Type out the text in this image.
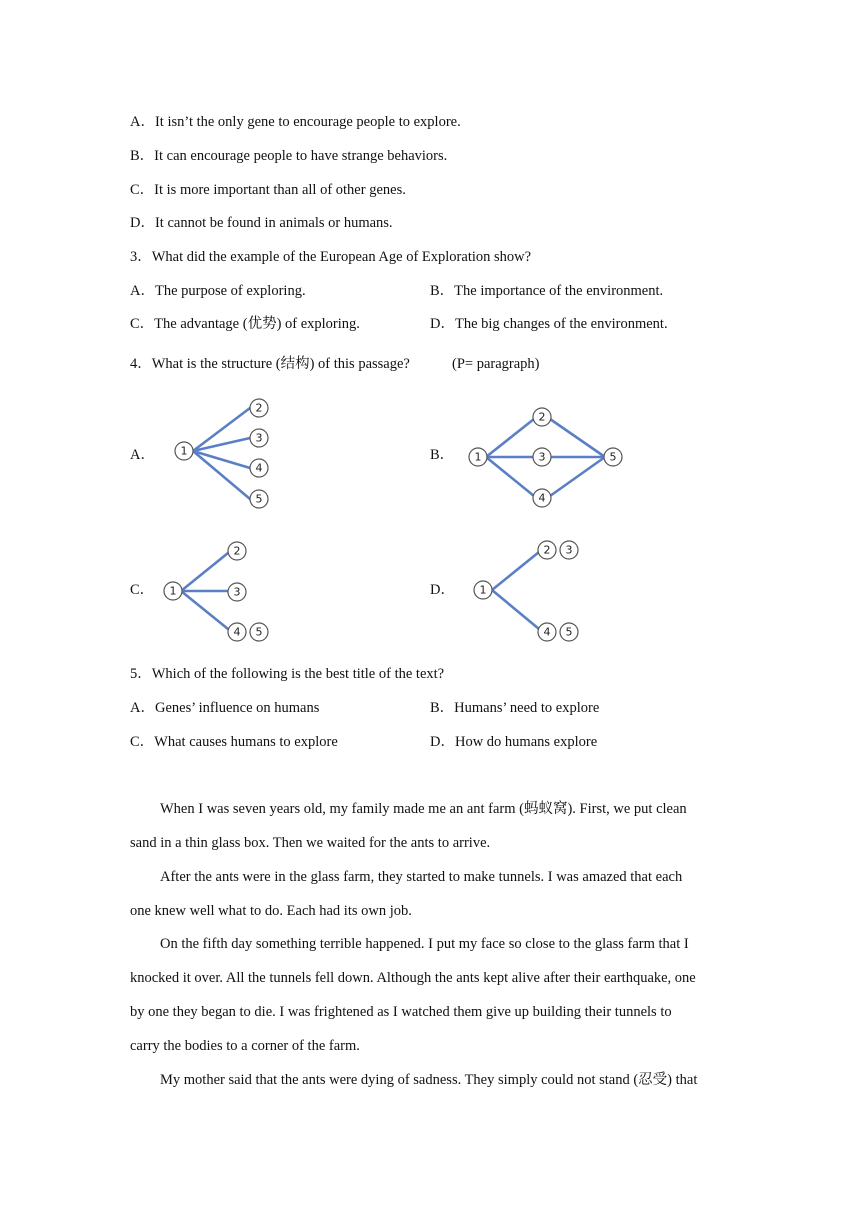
A．It isn’t the only gene to encourage people to explore.
B．It can encourage people to have strange behaviors.
C．It is more important than all of other genes.
D．It cannot be found in animals or humans.
3．What did the example of the European Age of Exploration show?
A．The purpose of exploring.	B．The importance of the environment.
C．The advantage (优势) of exploring.	D．The big changes of the environment.
4．What is the structure (结构) of this passage?	(P= paragraph)
A．	B．
C．	D．
1
2
3
4
5
1
2
3
4
5
1
2
3
4 5
1
2 3
4 5
5．Which of the following is the best title of the text?
A．Genes’ influence on humans	B．Humans’ need to explore
C．What causes humans to explore	D．How do humans explore
When I was seven years old, my family made me an ant farm (蚂蚁窝). First, we put clean
sand in a thin glass box. Then we waited for the ants to arrive.
After the ants were in the glass farm, they started to make tunnels. I was amazed that each
one knew well what to do. Each had its own job.
On the fifth day something terrible happened. I put my face so close to the glass farm that I
knocked it over. All the tunnels fell down. Although the ants kept alive after their earthquake, one
by one they began to die. I was frightened as I watched them give up building their tunnels to
carry the bodies to a corner of the farm.
My mother said that the ants were dying of sadness. They simply could not stand (忍受) that
